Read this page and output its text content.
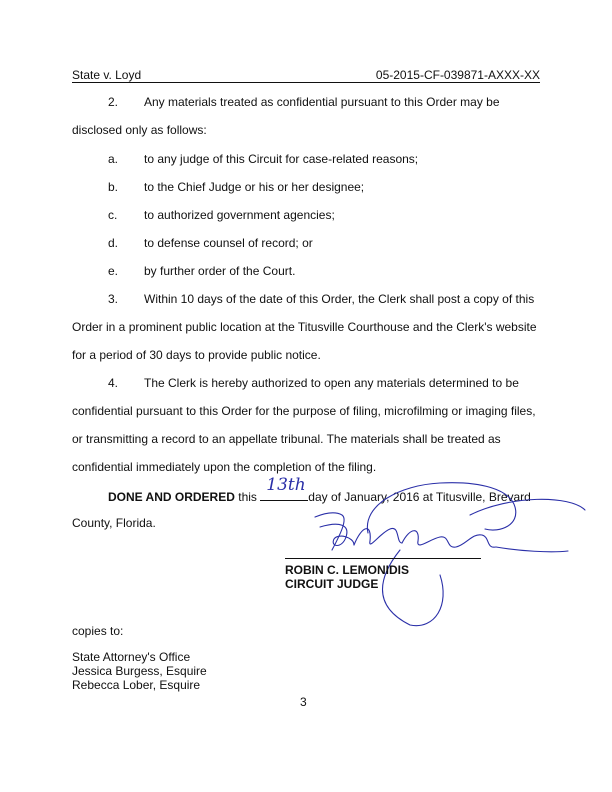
State v. Loyd	05-2015-CF-039871-AXXX-XX
2. Any materials treated as confidential pursuant to this Order may be
disclosed only as follows:
a. to any judge of this Circuit for case-related reasons;
b. to the Chief Judge or his or her designee;
c. to authorized government agencies;
d. to defense counsel of record; or
e. by further order of the Court.
3. Within 10 days of the date of this Order, the Clerk shall post a copy of this
Order in a prominent public location at the Titusville Courthouse and the Clerk's website
for a period of 30 days to provide public notice.
4. The Clerk is hereby authorized to open any materials determined to be
confidential pursuant to this Order for the purpose of filing, microfilming or imaging files,
or transmitting a record to an appellate tribunal. The materials shall be treated as
confidential immediately upon the completion of the filing.
DONE AND ORDERED this
13th
day of January, 2016 at Titusville, Brevard
County, Florida.
ROBIN C. LEMONIDIS
CIRCUIT JUDGE
copies to:
State Attorney's Office
Jessica Burgess, Esquire
Rebecca Lober, Esquire
3
